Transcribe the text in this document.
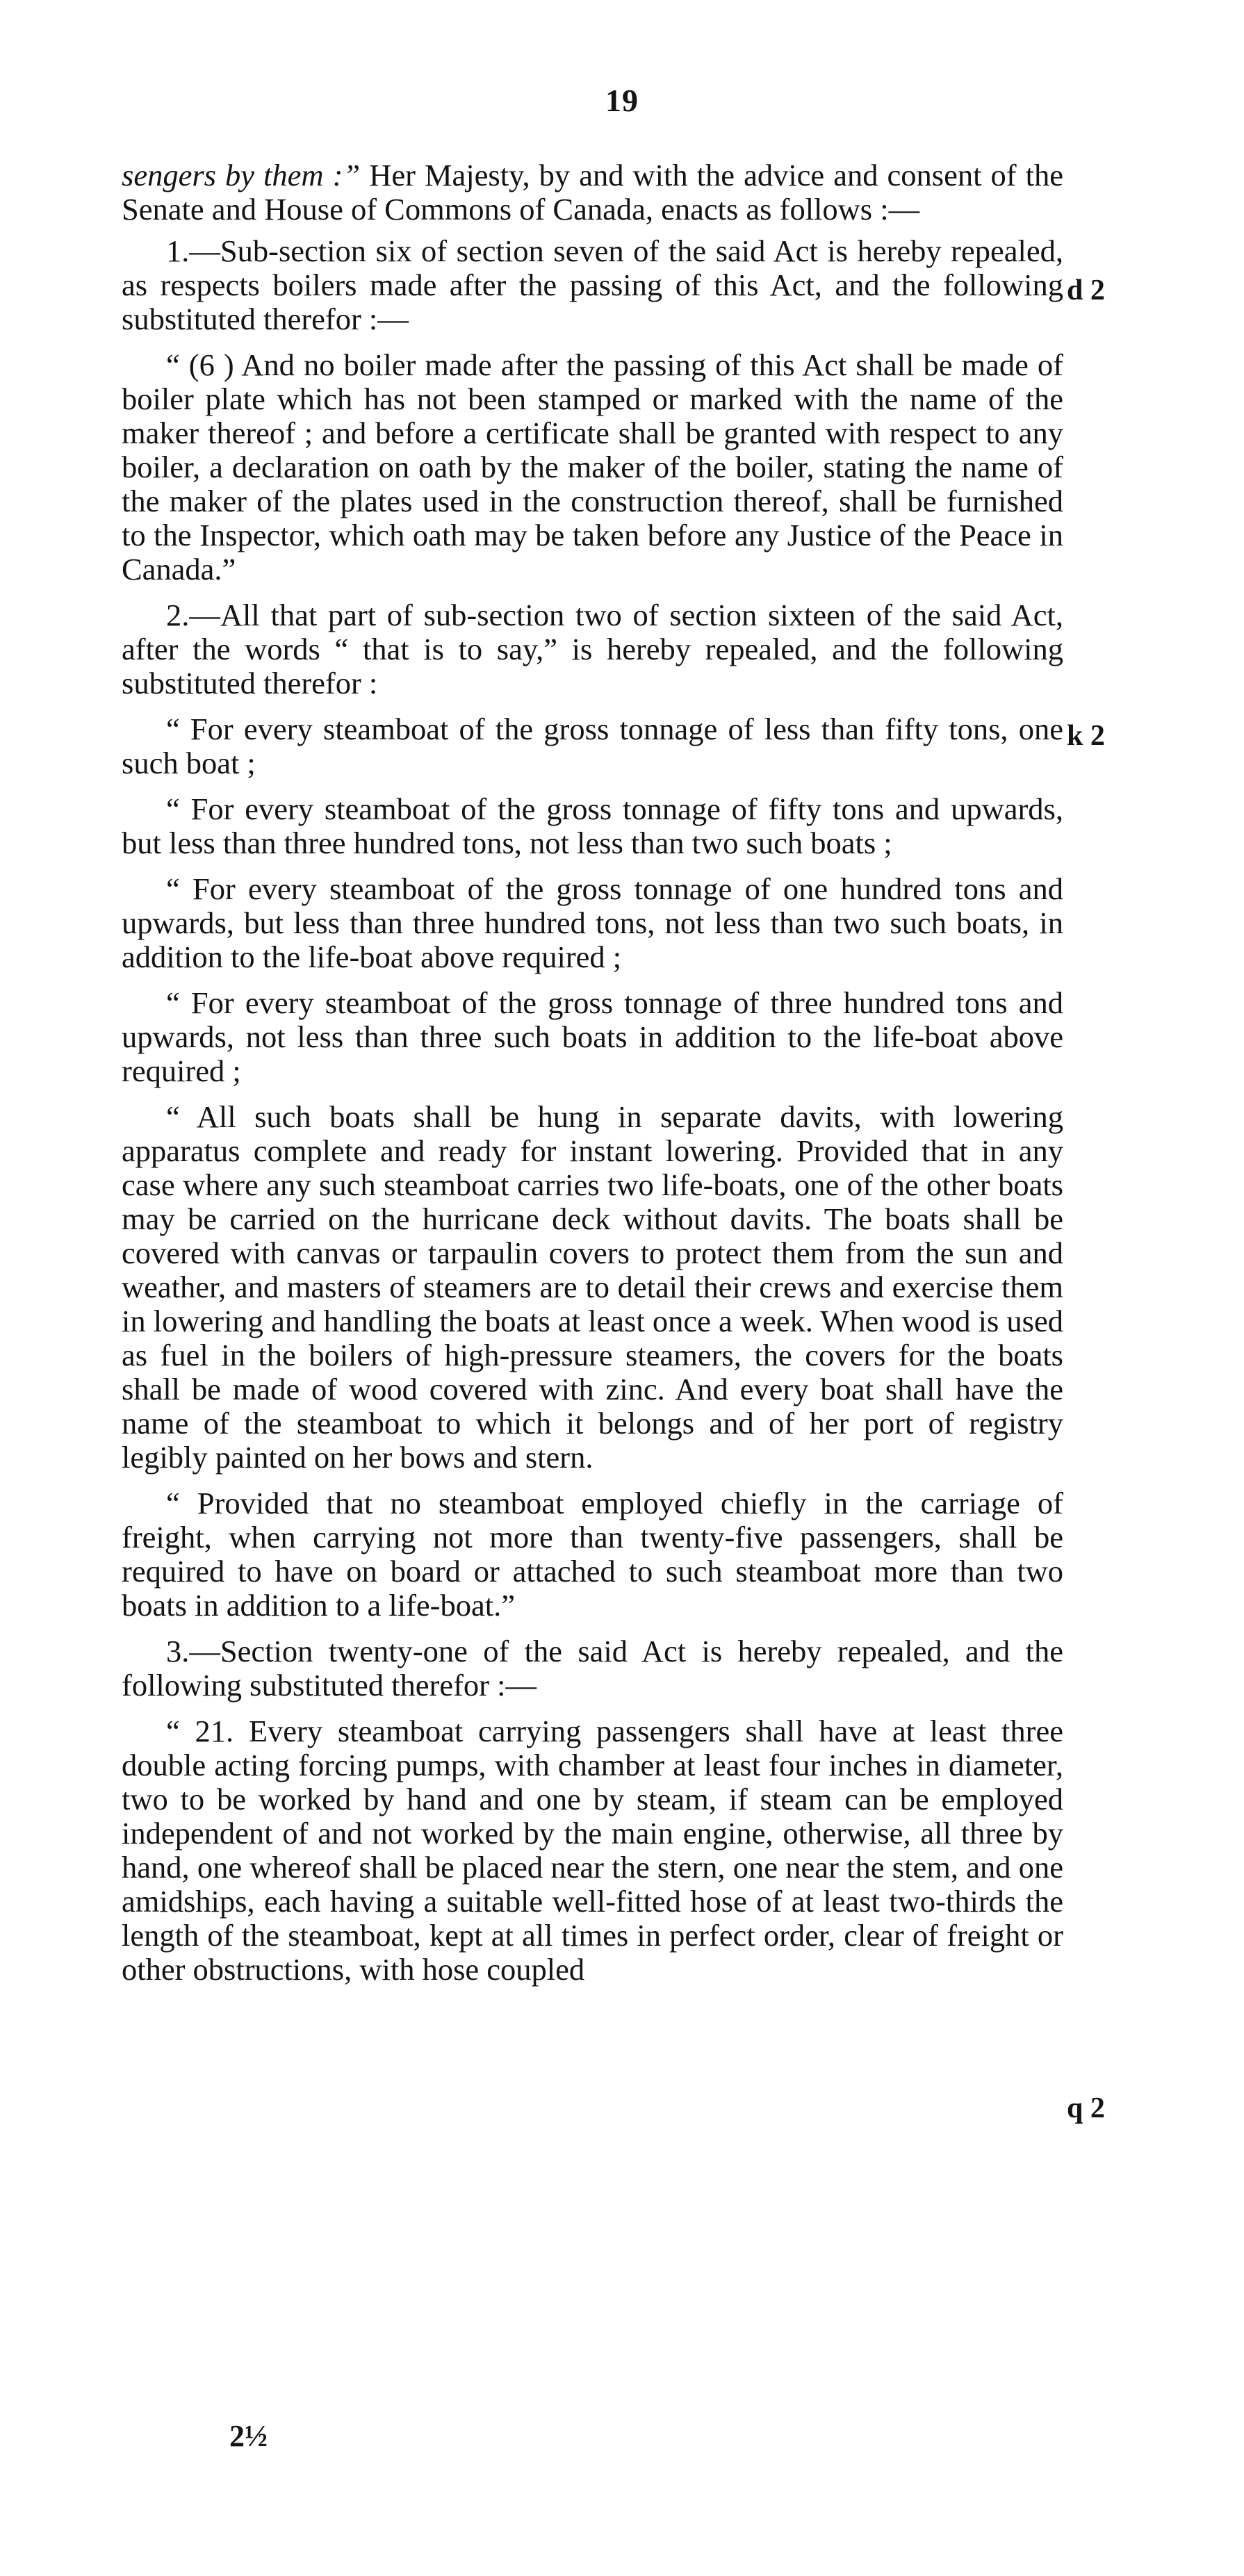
19

sengers by them :” Her Majesty, by and with the advice and consent of the Senate and House of Commons of Canada, enacts as follows :—

1.—Sub-section six of section seven of the said Act is hereby repealed, as respects boilers made after the passing of this Act, and the following substituted therefor :—

“ (6 ) And no boiler made after the passing of this Act shall be made of boiler plate which has not been stamped or marked with the name of the maker thereof ; and before a certificate shall be granted with respect to any boiler, a declaration on oath by the maker of the boiler, stating the name of the maker of the plates used in the construction thereof, shall be furnished to the Inspector, which oath may be taken before any Justice of the Peace in Canada.”

2.—All that part of sub-section two of section sixteen of the said Act, after the words “ that is to say,” is hereby repealed, and the following substituted therefor :

“ For every steamboat of the gross tonnage of less than fifty tons, one such boat ;

“ For every steamboat of the gross tonnage of fifty tons and upwards, but less than three hundred tons, not less than two such boats ;

“ For every steamboat of the gross tonnage of one hundred tons and upwards, but less than three hundred tons, not less than two such boats, in addition to the life-boat above required ;

“ For every steamboat of the gross tonnage of three hundred tons and upwards, not less than three such boats in addition to the life-boat above required ;

“ All such boats shall be hung in separate davits, with lowering apparatus complete and ready for instant lowering. Provided that in any case where any such steamboat carries two life-boats, one of the other boats may be carried on the hurricane deck without davits. The boats shall be covered with canvas or tarpaulin covers to protect them from the sun and weather, and masters of steamers are to detail their crews and exercise them in lowering and handling the boats at least once a week. When wood is used as fuel in the boilers of high-pressure steamers, the covers for the boats shall be made of wood covered with zinc. And every boat shall have the name of the steamboat to which it belongs and of her port of registry legibly painted on her bows and stern.

“ Provided that no steamboat employed chiefly in the carriage of freight, when carrying not more than twenty-five passengers, shall be required to have on board or attached to such steamboat more than two boats in addition to a life-boat.”

3.—Section twenty-one of the said Act is hereby repealed, and the following substituted therefor :—

“ 21. Every steamboat carrying passengers shall have at least three double acting forcing pumps, with chamber at least four inches in diameter, two to be worked by hand and one by steam, if steam can be employed independent of and not worked by the main engine, otherwise, all three by hand, one whereof shall be placed near the stern, one near the stem, and one amidships, each having a suitable well-fitted hose of at least two-thirds the length of the steamboat, kept at all times in perfect order, clear of freight or other obstructions, with hose coupled

d 2
k 2
q 2
2½
